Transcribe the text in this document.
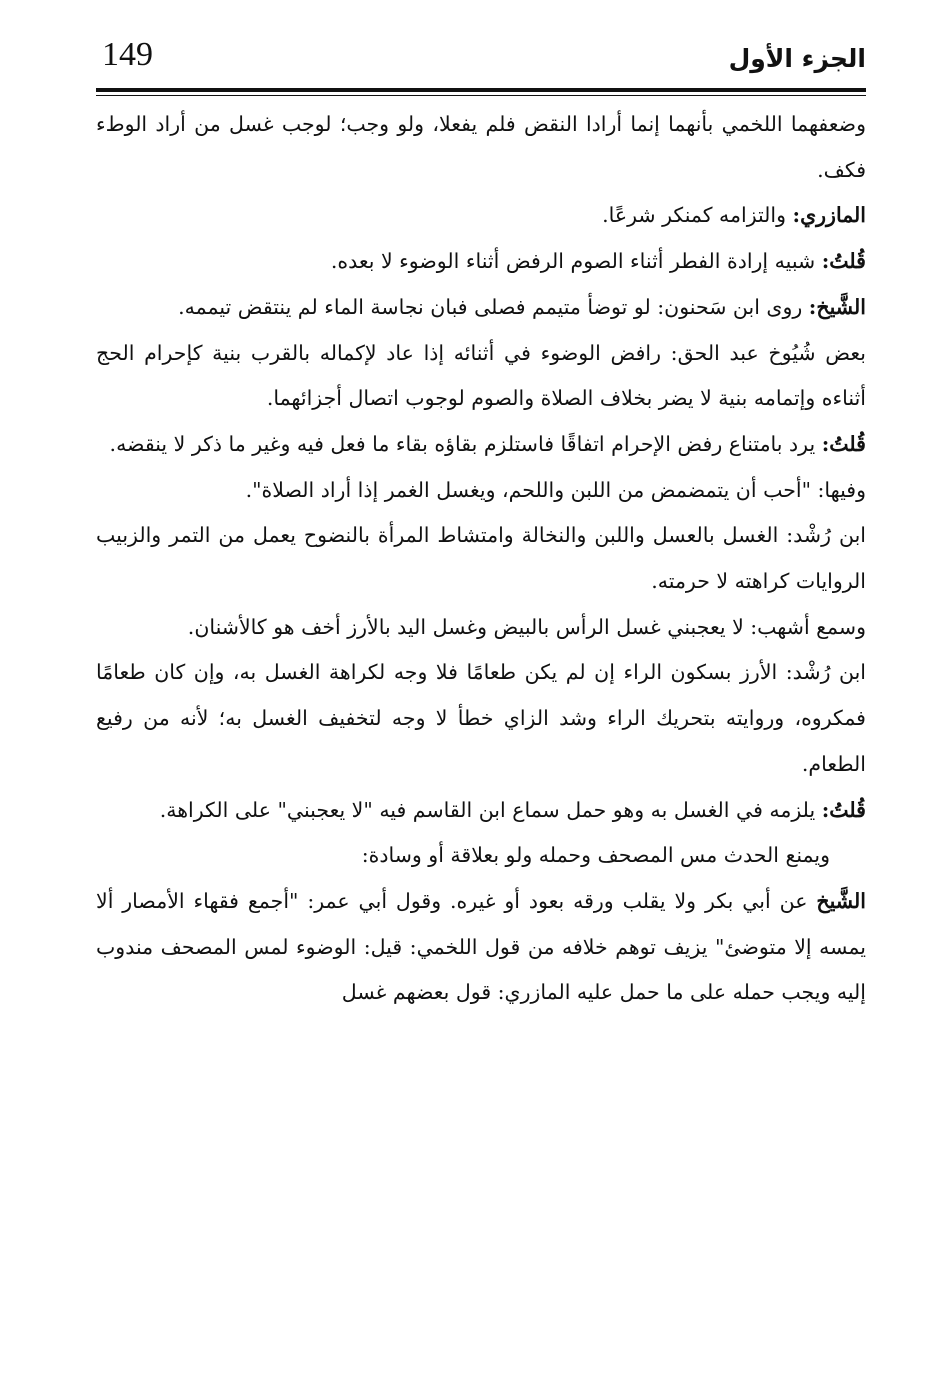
149	الجزء الأول

وضعفهما اللخمي بأنهما إنما أرادا النقض فلم يفعلا، ولو وجب؛ لوجب غسل من أراد الوطء فكف.

المازري: والتزامه كمنكر شرعًا.

قُلتُ: شبيه إرادة الفطر أثناء الصوم الرفض أثناء الوضوء لا بعده.

الشَّيخ: روى ابن سَحنون: لو توضأ متيمم فصلى فبان نجاسة الماء لم ينتقض تيممه.

بعض شُيُوخ عبد الحق: رافض الوضوء في أثنائه إذا عاد لإكماله بالقرب بنية كإحرام الحج أثناءه وإتمامه بنية لا يضر بخلاف الصلاة والصوم لوجوب اتصال أجزائهما.

قُلتُ: يرد بامتناع رفض الإحرام اتفاقًا فاستلزم بقاؤه بقاء ما فعل فيه وغير ما ذكر لا ينقضه.

وفيها: "أحب أن يتمضمض من اللبن واللحم، ويغسل الغمر إذا أراد الصلاة".

ابن رُشْد: الغسل بالعسل واللبن والنخالة وامتشاط المرأة بالنضوح يعمل من التمر والزبيب الروايات كراهته لا حرمته.

وسمع أشهب: لا يعجبني غسل الرأس بالبيض وغسل اليد بالأرز أخف هو كالأشنان.

ابن رُشْد: الأرز بسكون الراء إن لم يكن طعامًا فلا وجه لكراهة الغسل به، وإن كان طعامًا فمكروه، وروايته بتحريك الراء وشد الزاي خطأ لا وجه لتخفيف الغسل به؛ لأنه من رفيع الطعام.

قُلتُ: يلزمه في الغسل به وهو حمل سماع ابن القاسم فيه "لا يعجبني" على الكراهة.

ويمنع الحدث مس المصحف وحمله ولو بعلاقة أو وسادة:

الشَّيخ عن أبي بكر ولا يقلب ورقه بعود أو غيره. وقول أبي عمر: "أجمع فقهاء الأمصار ألا يمسه إلا متوضئ" يزيف توهم خلافه من قول اللخمي: قيل: الوضوء لمس المصحف مندوب إليه ويجب حمله على ما حمل عليه المازري: قول بعضهم غسل
